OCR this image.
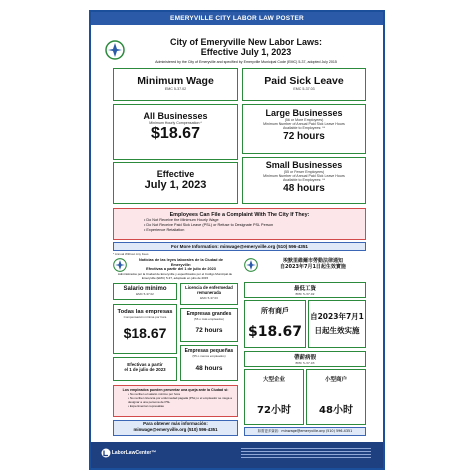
EMERYVILLE CITY LABOR LAW POSTER
City of Emeryville New Labor Laws:
Effective July 1, 2023
Administered by the City of Emeryville and specified by Emeryville Municipal Code (EMC) 5-37, adopted July 2015
Minimum Wage
EMC 5-37.02
Paid Sick Leave
EMC 5-37.03
All Businesses
Minimum Hourly Compensation:*
$18.67
Effective
July 1, 2023
Large Businesses
(56 or More Employees)
Minimum Number of Annual Paid Sick Leave Hours
Available to Employees: **
72 hours
Small Businesses
(55 or Fewer Employees)
Minimum Number of Annual Paid Sick Leave Hours
Available to Employees: **
48 hours
Employees Can File a Complaint With The City If They:
• Do Not Receive the Minimum Hourly Wage
• Do Not Receive Paid Sick Leave (PSL) or Refuse to Designate PSL Person
• Experience Retaliation
For More Information: minwage@emeryville.org (510) 596-4351
* Annual Without Any Fees
Noticias de las leyes laborales de la Ciudad de Emeryville:
Efectivas a partir del 1 de julio de 2023
Administrados por la Ciudad de Emeryville y especificados por el Código Municipal de Emeryville (EMC) 5-37, adoptado en julio de 2015
Salario mínimo
EMC 5-37.02
Licencia de enfermedad remunerada
EMC 5-37.03
Todas las empresas
Compensación mínima por hora
$18.67
Efectivas a partir
el 1 de julio de 2023
Empresas grandes
(56 o más empleados)
72 hours
Empresas pequeñas
(55 o menos empleados)
48 hours
Los empleados pueden presentar una queja ante la Ciudad si:
• No reciben el salario mínimo por hora
• No reciben licencia por enfermedad pagada (PSL) o el empleador se niega a designar a una persona de PSL
• Experimentan represalias
Para obtener más información:
minwage@emeryville.org (510) 596-4351
埃默里維爾市勞動法律通知
自2023年7月1日起生效實施
最低工資
EMC 5-37.02
所有商戶
$18.67
自2023年7月1
日起生效实施
帶薪病假
EMC 5-37.03
大型企业
72小时
小型商户
48小时
如需更多資訊：minwage@emeryville.org (510) 596-4351
LaborLawCenter™
